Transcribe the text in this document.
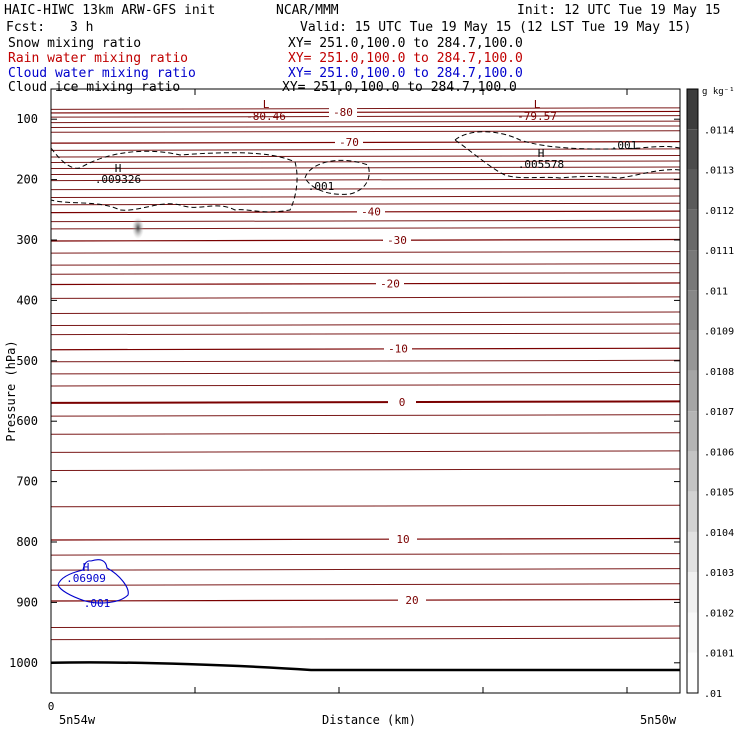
HAIC-HIWC 13km ARW-GFS init	NCAR/MMM	Init: 12 UTC Tue 19 May 15
Fcst: 3 h	Valid: 15 UTC Tue 19 May 15 (12 LST Tue 19 May 15)
Snow mixing ratio	XY= 251.0,100.0 to 284.7,100.0
Rain water mixing ratio	XY= 251.0,100.0 to 284.7,100.0
Cloud water mixing ratio	XY= 251.0,100.0 to 284.7,100.0
Cloud ice mixing ratio	XY= 251.0,100.0 to 284.7,100.0
-80
-70
-40
-30
-20
-10
0
10
20
L
-80.46
L
-79.57
H
.009326
H
.005578
H
.06909
.001
.001
.001
100
200
300
400
500
600
700
800
900
1000
0
5n54w	5n50w
Distance (km)
Pressure (hPa)
.0114
.0113
.0112
.0111
.011
.0109
.0108
.0107
.0106
.0105
.0104
.0103
.0102
.0101
.01
g kg⁻¹
